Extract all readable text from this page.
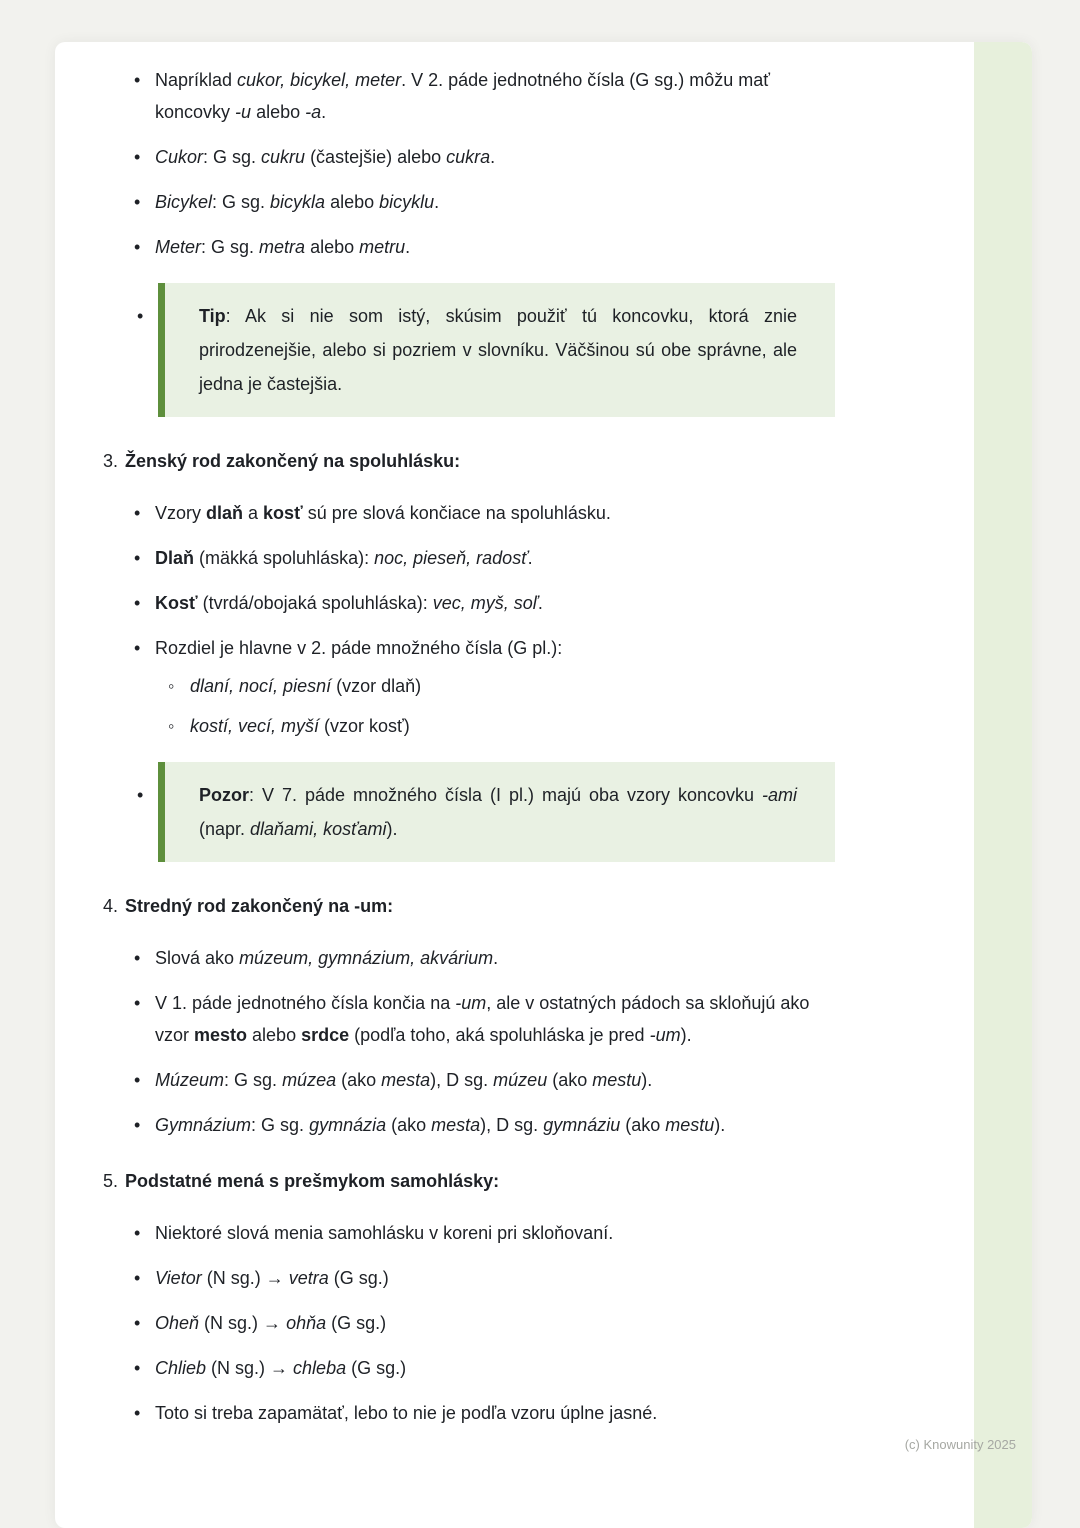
• Napríklad cukor, bicykel, meter. V 2. páde jednotného čísla (G sg.) môžu mať koncovky -u alebo -a.
• Cukor: G sg. cukru (častejšie) alebo cukra.
• Bicykel: G sg. bicykla alebo bicyklu.
• Meter: G sg. metra alebo metru.
•	Tip: Ak si nie som istý, skúsim použiť tú koncovku, ktorá znie prirodzenejšie, alebo si pozriem v slovníku. Väčšinou sú obe správne, ale jedna je častejšia.

3. Ženský rod zakončený na spoluhlásku:
• Vzory dlaň a kosť sú pre slová končiace na spoluhlásku.
• Dlaň (mäkká spoluhláska): noc, pieseň, radosť.
• Kosť (tvrdá/obojaká spoluhláska): vec, myš, soľ.
• Rozdiel je hlavne v 2. páde množného čísla (G pl.):
◦ dlaní, nocí, piesní (vzor dlaň)
◦ kostí, vecí, myší (vzor kosť)
•	Pozor: V 7. páde množného čísla (I pl.) majú oba vzory koncovku -ami (napr. dlaňami, kosťami).

4. Stredný rod zakončený na -um:
• Slová ako múzeum, gymnázium, akvárium.
• V 1. páde jednotného čísla končia na -um, ale v ostatných pádoch sa skloňujú ako vzor mesto alebo srdce (podľa toho, aká spoluhláska je pred -um).
• Múzeum: G sg. múzea (ako mesta), D sg. múzeu (ako mestu).
• Gymnázium: G sg. gymnázia (ako mesta), D sg. gymnáziu (ako mestu).
5. Podstatné mená s prešmykom samohlásky:
• Niektoré slová menia samohlásku v koreni pri skloňovaní.
• Vietor (N sg.) → vetra (G sg.)
• Oheň (N sg.) → ohňa (G sg.)
• Chlieb (N sg.) → chleba (G sg.)
• Toto si treba zapamätať, lebo to nie je podľa vzoru úplne jasné.
(c) Knowunity 2025
